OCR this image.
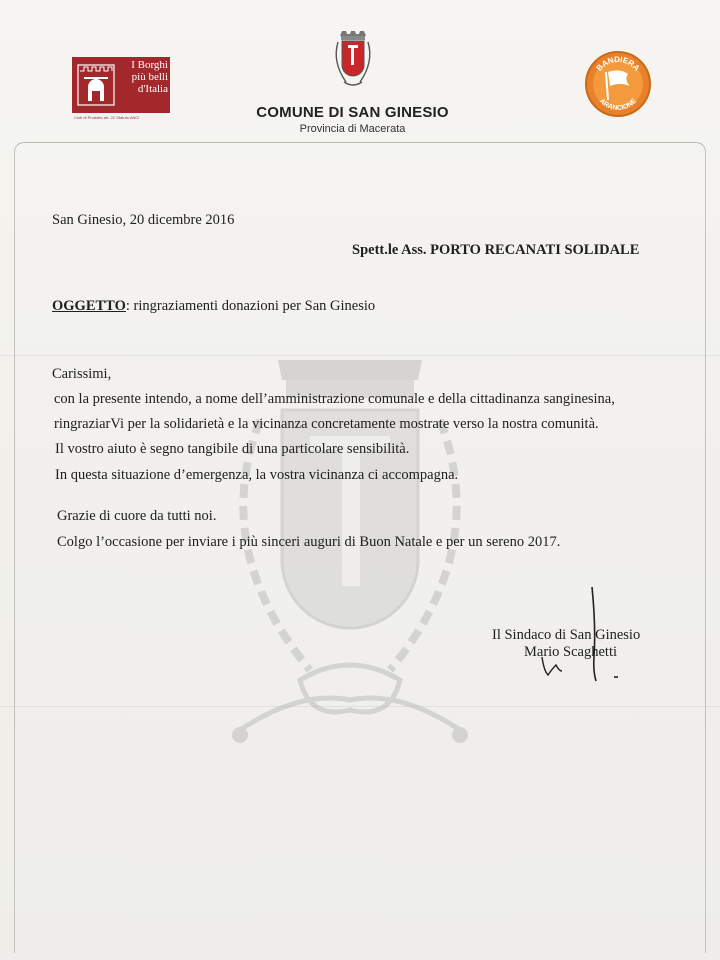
I Borghi
più belli
d'Italia
Club di Prodotto art. 22 Statuto ANCI	COMUNE DI SAN GINESIO
Provincia di Macerata
BANDIERA
ARANCIONE
San Ginesio, 20 dicembre 2016
Spett.le Ass. PORTO RECANATI SOLIDALE
OGGETTO: ringraziamenti donazioni per San Ginesio
Carissimi,
con la presente intendo, a nome dell’amministrazione comunale e della cittadinanza sanginesina,
ringraziarVi per la solidarietà e la vicinanza concretamente mostrate verso la nostra comunità.
Il vostro aiuto è segno tangibile di una particolare sensibilità.
In questa situazione d’emergenza, la vostra vicinanza ci accompagna.
Grazie di cuore da tutti noi.
Colgo l’occasione per inviare i più sinceri auguri di Buon Natale e per un sereno 2017.
Il Sindaco di San Ginesio
Mario Scaghetti
